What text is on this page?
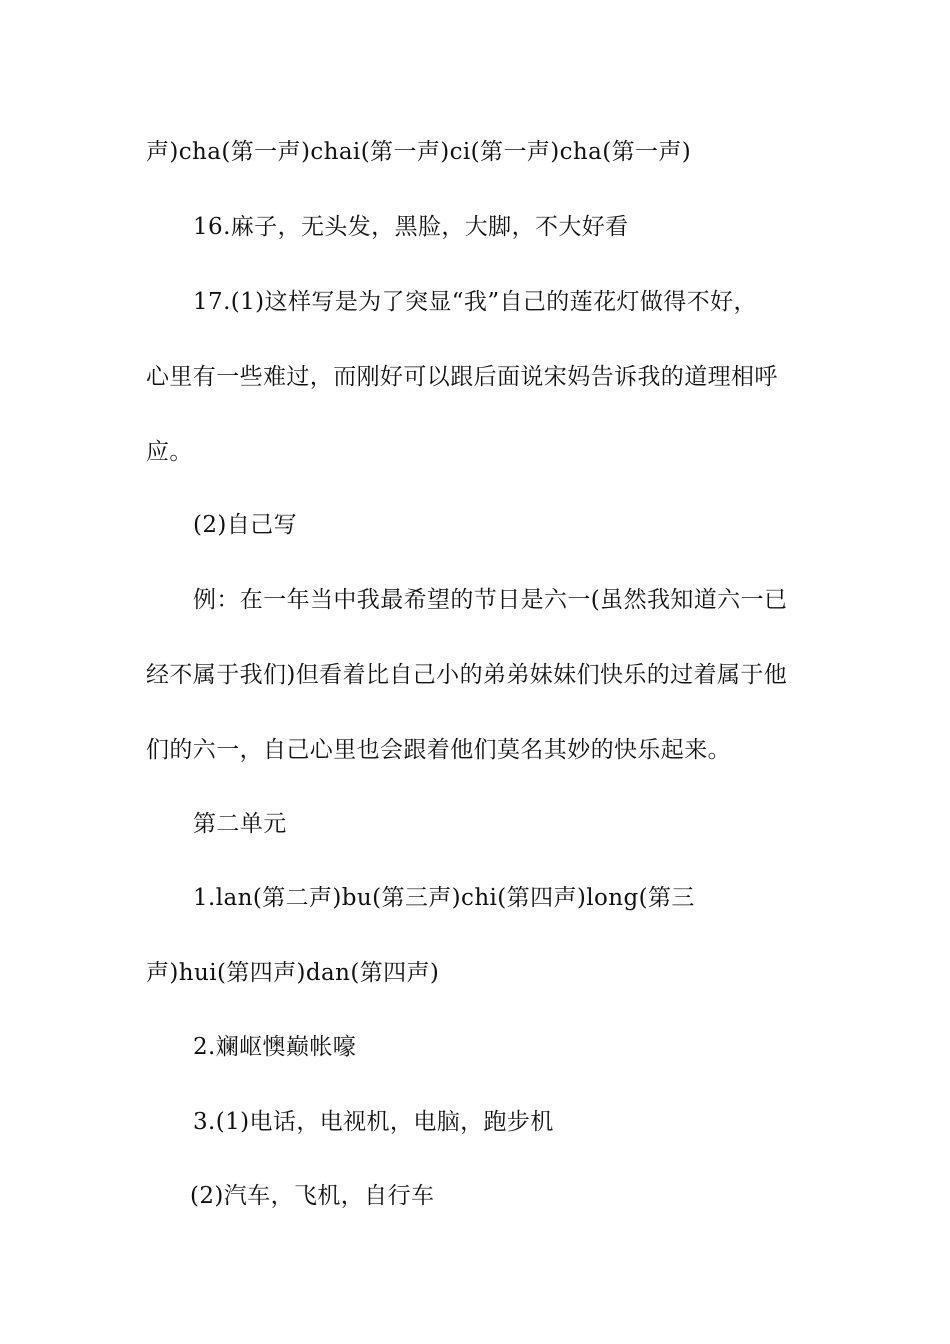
声)cha(第一声)chai(第一声)ci(第一声)cha(第一声)
16.麻子，无头发，黑脸，大脚，不大好看
17.(1)这样写是为了突显“我”自己的莲花灯做得不好，
心里有一些难过，而刚好可以跟后面说宋妈告诉我的道理相呼
应。
(2)自己写
例：在一年当中我最希望的节日是六一(虽然我知道六一已
经不属于我们)但看着比自己小的弟弟妹妹们快乐的过着属于他
们的六一，自己心里也会跟着他们莫名其妙的快乐起来。
第二单元
1.lan(第二声)bu(第三声)chi(第四声)long(第三
声)hui(第四声)dan(第四声)
2.斓岖懊巅帐嚎
3.(1)电话，电视机，电脑，跑步机
(2)汽车，飞机，自行车
